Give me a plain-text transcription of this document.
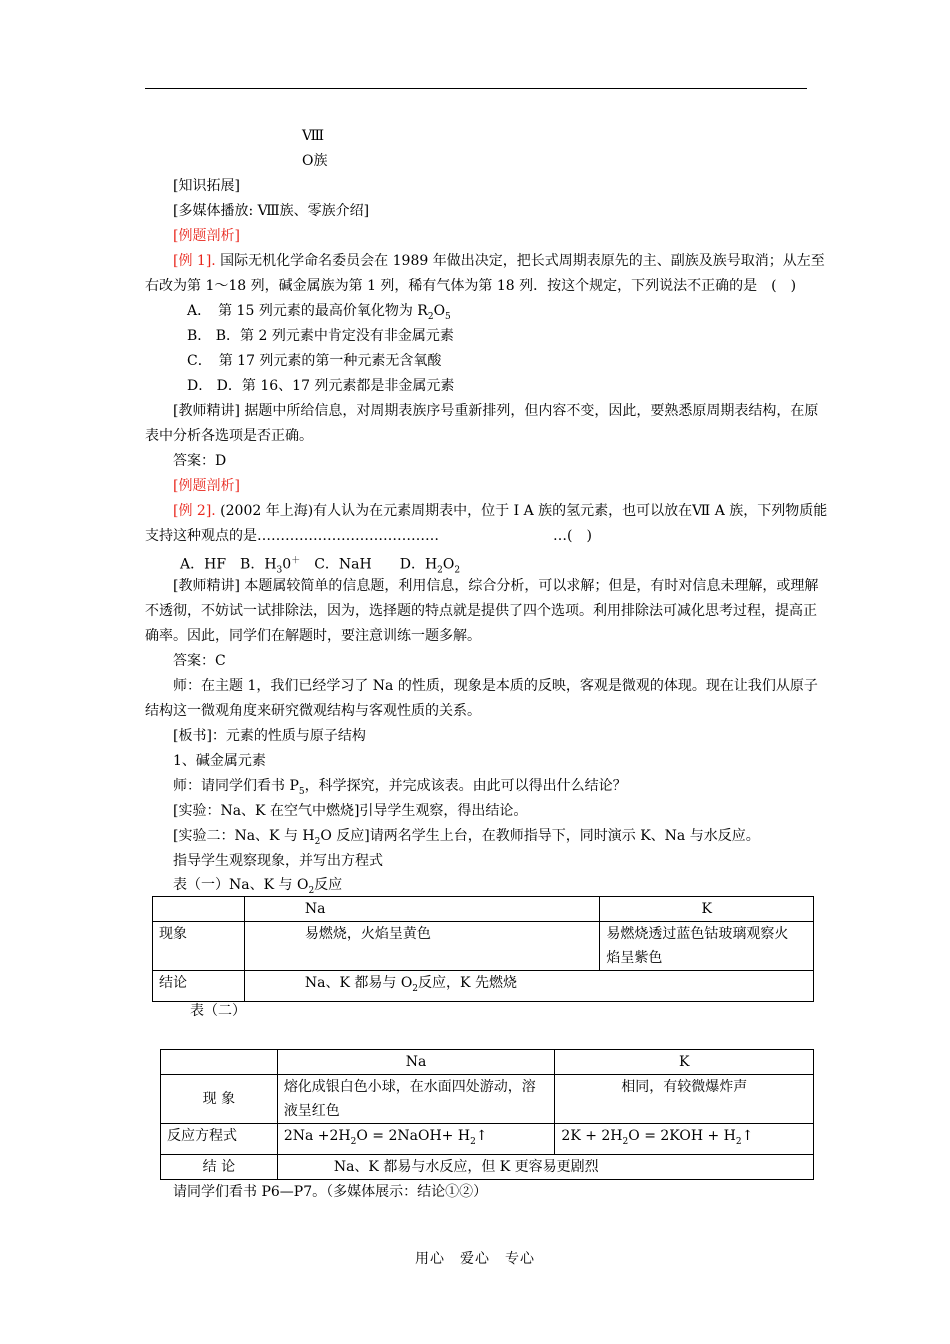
Ⅷ
O族
[知识拓展]
[多媒体播放: Ⅷ族、零族介绍]
[例题剖析]
[例 1]. 国际无机化学命名委员会在 1989 年做出决定，把长式周期表原先的主、副族及族号取消；从左至
右改为第 1～18 列，碱金属族为第 1 列，稀有气体为第 18 列．按这个规定，下列说法不正确的是　(　)
A．　第 15 列元素的最高价氧化物为 $R_2O_5$
B． B．第 2 列元素中肯定没有非金属元素
C．　第 17 列元素的第一种元素无含氧酸
D． D．第 16、17 列元素都是非金属元素
[教师精讲] 据题中所给信息，对周期表族序号重新排列，但内容不变，因此，要熟悉原周期表结构，在原
表中分析各选项是否正确。
答案：D
[例题剖析]
[例 2]. (2002 年上海)有人认为在元素周期表中，位于 I A 族的氢元素，也可以放在Ⅶ A 族，下列物质能
支持这种观点的是…………………………………	…(　)
A．HF　B．$H_30^+$　C．NaH　　D．$H_2O_2$
[教师精讲] 本题属较简单的信息题，利用信息，综合分析，可以求解；但是，有时对信息未理解，或理解
不透彻，不妨试一试排除法，因为，选择题的特点就是提供了四个选项。利用排除法可减化思考过程，提高正
确率。因此，同学们在解题时，要注意训练一题多解。
答案：C
师：在主题 1，我们已经学习了 Na 的性质，现象是本质的反映，客观是微观的体现。现在让我们从原子
结构这一微观角度来研究微观结构与客观性质的关系。
[板书]：元素的性质与原子结构
1、碱金属元素
师：请同学们看书 $P_5$，科学探究，并完成该表。由此可以得出什么结论？
[实验：Na、K 在空气中燃烧]引导学生观察，得出结论。
[实验二：Na、K 与 $H_2O$ 反应]请两名学生上台，在教师指导下，同时演示 K、Na 与水反应。
指导学生观察现象，并写出方程式
表（一）Na、K 与 $O_2$反应
	Na	K
现象	易燃烧，火焰呈黄色	易燃烧透过蓝色钴玻璃观察火
焰呈紫色

结论	Na、K 都易与 $O_2$反应，K 先燃烧	
表（二）
	Na	K
现 象	熔化成银白色小球，在水面四处游动，溶
液呈红色	相同，有较微爆炸声
反应方程式	$2Na +2H_2O$ = 2NaOH+ $H_2↑$	$2K + 2H_2O = 2KOH$ + $H_2↑$
结 论	Na、K 都易与水反应，但 K 更容易更剧烈	
请同学们看书 P6—P7。（多媒体展示：结论①②）
用心　爱心　专心
